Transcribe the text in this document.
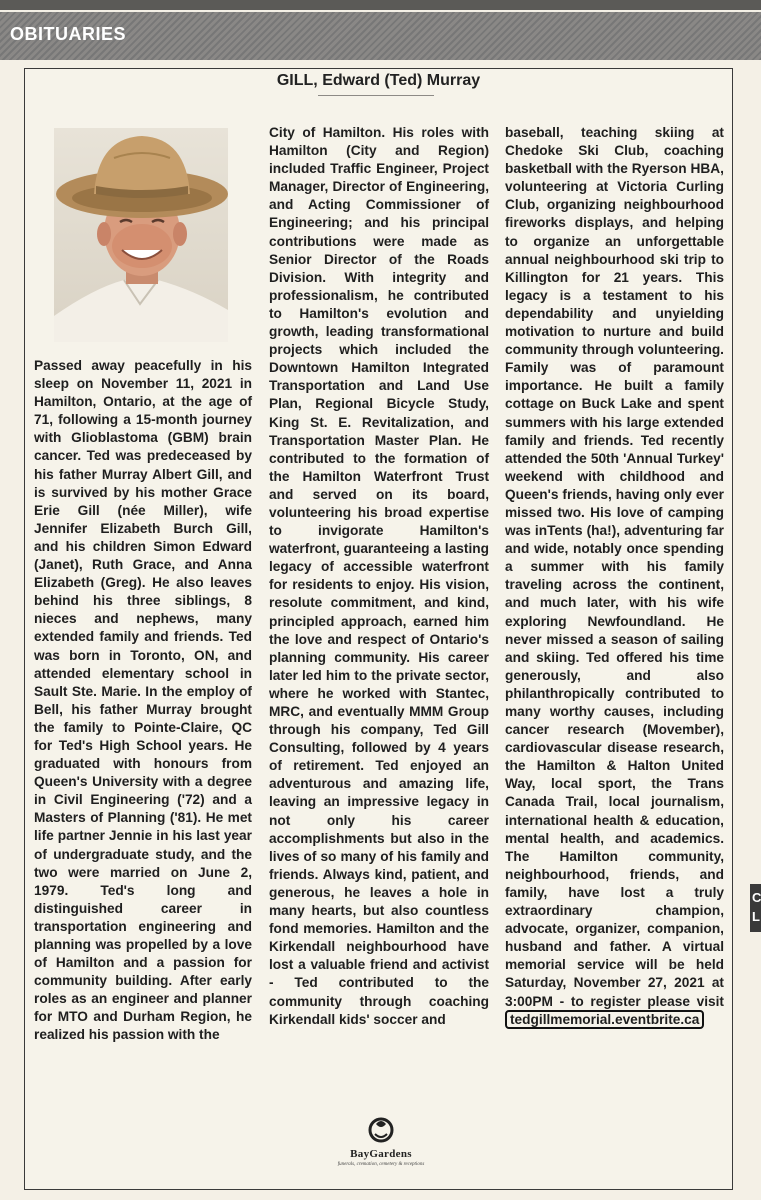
OBITUARIES
C
L
GILL, Edward (Ted) Murray

Passed away peacefully in his sleep on November 11, 2021 in Hamilton, Ontario, at the age of 71, following a 15-month journey with Glioblastoma (GBM) brain cancer. Ted was predeceased by his father Murray Albert Gill, and is survived by his mother Grace Erie Gill (née Miller), wife Jennifer Elizabeth Burch Gill, and his children Simon Edward (Janet), Ruth Grace, and Anna Elizabeth (Greg). He also leaves behind his three siblings, 8 nieces and nephews, many extended family and friends. Ted was born in Toronto, ON, and attended elementary school in Sault Ste. Marie. In the employ of Bell, his father Murray brought the family to Pointe-Claire, QC for Ted's High School years. He graduated with honours from Queen's University with a degree in Civil Engineering ('72) and a Masters of Planning ('81). He met life partner Jennie in his last year of undergraduate study, and the two were married on June 2, 1979. Ted's long and distinguished career in transportation engineering and planning was propelled by a love of Hamilton and a passion for community building. After early roles as an engineer and planner for MTO and Durham Region, he realized his passion with the

City of Hamilton. His roles with Hamilton (City and Region) included Traffic Engineer, Project Manager, Director of Engineering, and Acting Commissioner of Engineering; and his principal contributions were made as Senior Director of the Roads Division. With integrity and professionalism, he contributed to Hamilton's evolution and growth, leading transformational projects which included the Downtown Hamilton Integrated Transportation and Land Use Plan, Regional Bicycle Study, King St. E. Revitalization, and Transportation Master Plan. He contributed to the formation of the Hamilton Waterfront Trust and served on its board, volunteering his broad expertise to invigorate Hamilton's waterfront, guaranteeing a lasting legacy of accessible waterfront for residents to enjoy. His vision, resolute commitment, and kind, principled approach, earned him the love and respect of Ontario's planning community. His career later led him to the private sector, where he worked with Stantec, MRC, and eventually MMM Group through his company, Ted Gill Consulting, followed by 4 years of retirement. Ted enjoyed an adventurous and amazing life, leaving an impressive legacy in not only his career accomplishments but also in the lives of so many of his family and friends. Always kind, patient, and generous, he leaves a hole in many hearts, but also countless fond memories. Hamilton and the Kirkendall neighbourhood have lost a valuable friend and activist - Ted contributed to the community through coaching Kirkendall kids' soccer and

baseball, teaching skiing at Chedoke Ski Club, coaching basketball with the Ryerson HBA, volunteering at Victoria Curling Club, organizing neighbourhood fireworks displays, and helping to organize an unforgettable annual neighbourhood ski trip to Killington for 21 years. This legacy is a testament to his dependability and unyielding motivation to nurture and build community through volunteering. Family was of paramount importance. He built a family cottage on Buck Lake and spent summers with his large extended family and friends. Ted recently attended the 50th 'Annual Turkey' weekend with childhood and Queen's friends, having only ever missed two. His love of camping was inTents (ha!), adventuring far and wide, notably once spending a summer with his family traveling across the continent, and much later, with his wife exploring Newfoundland. He never missed a season of sailing and skiing. Ted offered his time generously, and also philanthropically contributed to many worthy causes, including cancer research (Movember), cardiovascular disease research, the Hamilton & Halton United Way, local sport, the Trans Canada Trail, local journalism, international health & education, mental health, and academics. The Hamilton community, neighbourhood, friends, and family, have lost a truly extraordinary champion, advocate, organizer, companion, husband and father. A virtual memorial service will be held Saturday, November 27, 2021 at 3:00PM - to register please visit tedgillmemorial.eventbrite.ca

BayGardens
funerals, cremation, cemetery & receptions
